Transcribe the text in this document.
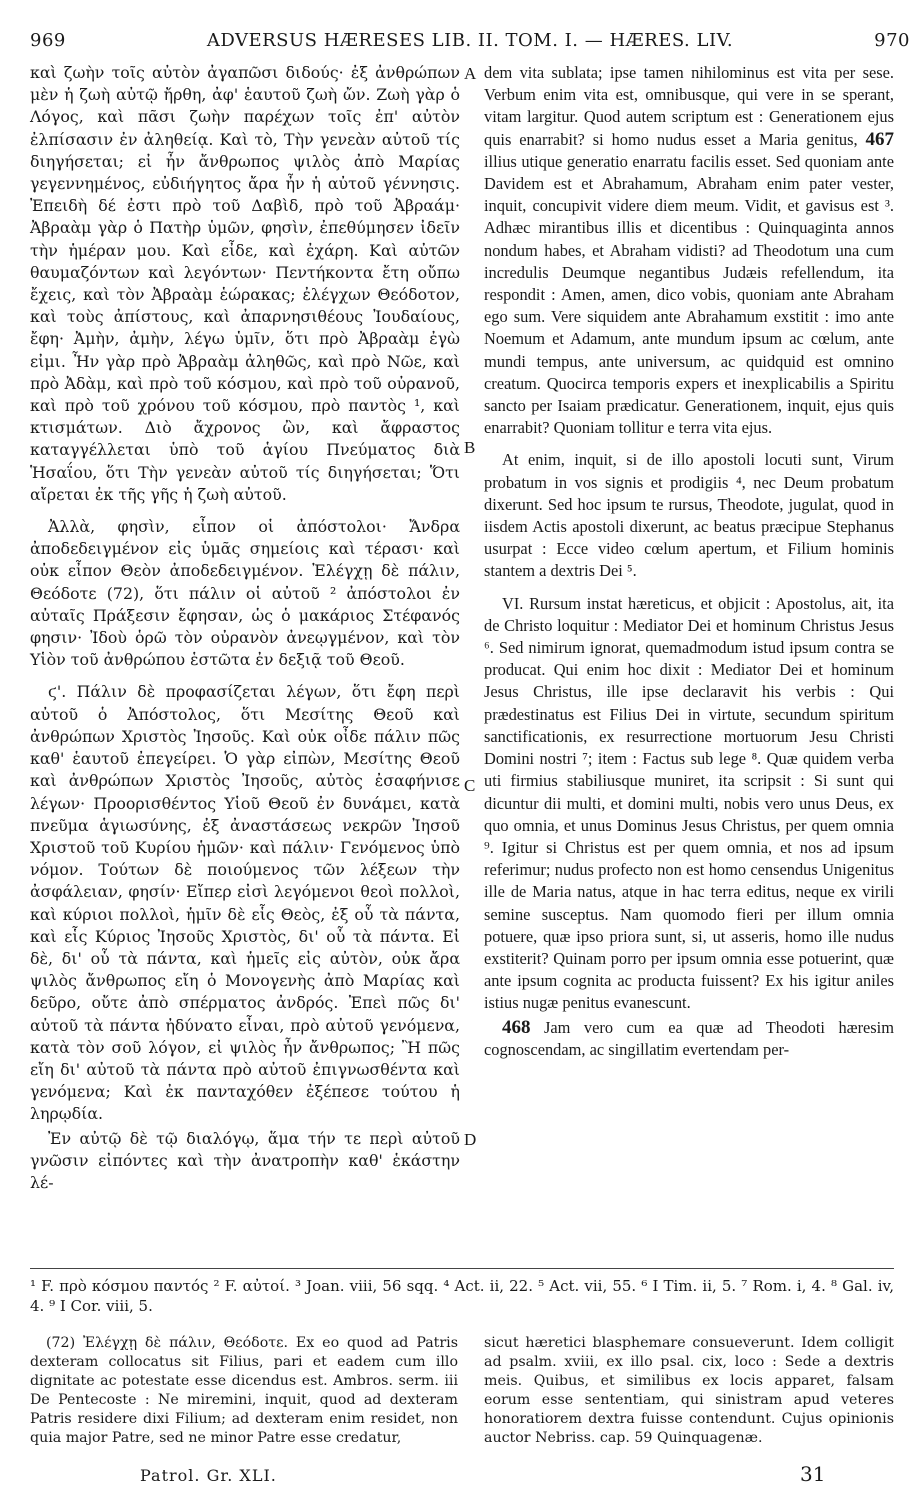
969	ADVERSUS HÆRESES LIB. II. TOM. I. — HÆRES. LIV.	970

καὶ ζωὴν τοῖς αὐτὸν ἀγαπῶσι διδούς· ἐξ ἀνθρώπων μὲν ἡ ζωὴ αὐτῷ ἤρθη, ἀφ' ἑαυτοῦ ζωὴ ὤν. Ζωὴ γὰρ ὁ Λόγος, καὶ πᾶσι ζωὴν παρέχων τοῖς ἐπ' αὐτὸν ἐλπίσασιν ἐν ἀληθείᾳ. Καὶ τὸ, Τὴν γενεὰν αὐτοῦ τίς διηγήσεται; εἰ ἦν ἄνθρωπος ψιλὸς ἀπὸ Μαρίας γεγεννημένος, εὐδιήγητος ἄρα ἦν ἡ αὐτοῦ γέννησις. Ἐπειδὴ δέ ἐστι πρὸ τοῦ Δαβὶδ, πρὸ τοῦ Ἀβραάμ· Ἀβραὰμ γὰρ ὁ Πατὴρ ὑμῶν, φησὶν, ἐπεθύμησεν ἰδεῖν τὴν ἡμέραν μου. Καὶ εἶδε, καὶ ἐχάρη. Καὶ αὐτῶν θαυμαζόντων καὶ λεγόντων· Πεντήκοντα ἔτη οὔπω ἔχεις, καὶ τὸν Ἀβραὰμ ἑώρακας; ἐλέγχων Θεόδοτον, καὶ τοὺς ἀπίστους, καὶ ἀπαρνησιθέους Ἰουδαίους, ἔφη· Ἀμὴν, ἀμὴν, λέγω ὑμῖν, ὅτι πρὸ Ἀβραὰμ ἐγὼ εἰμι. Ἦν γὰρ πρὸ Ἀβραὰμ ἀληθῶς, καὶ πρὸ Νῶε, καὶ πρὸ Ἀδὰμ, καὶ πρὸ τοῦ κόσμου, καὶ πρὸ τοῦ οὐρανοῦ, καὶ πρὸ τοῦ χρόνου τοῦ κόσμου, πρὸ παντὸς ¹, καὶ κτισμάτων. Διὸ ἄχρονος ὢν, καὶ ἄφραστος καταγγέλλεται ὑπὸ τοῦ ἁγίου Πνεύματος διὰ Ἡσαΐου, ὅτι Τὴν γενεὰν αὐτοῦ τίς διηγήσεται; Ὅτι αἴρεται ἐκ τῆς γῆς ἡ ζωὴ αὐτοῦ.

Ἀλλὰ, φησὶν, εἶπον οἱ ἀπόστολοι· Ἄνδρα ἀποδεδειγμένον εἰς ὑμᾶς σημείοις καὶ τέρασι· καὶ οὐκ εἶπον Θεὸν ἀποδεδειγμένον. Ἐλέγχῃ δὲ πάλιν, Θεόδοτε (72), ὅτι πάλιν οἱ αὐτοῦ ² ἀπόστολοι ἐν αὐταῖς Πράξεσιν ἔφησαν, ὡς ὁ μακάριος Στέφανός φησιν· Ἰδοὺ ὁρῶ τὸν οὐρανὸν ἀνεῳγμένον, καὶ τὸν Υἱὸν τοῦ ἀνθρώπου ἑστῶτα ἐν δεξιᾷ τοῦ Θεοῦ.

ϛ'. Πάλιν δὲ προφασίζεται λέγων, ὅτι ἔφη περὶ αὐτοῦ ὁ Ἀπόστολος, ὅτι Μεσίτης Θεοῦ καὶ ἀνθρώπων Χριστὸς Ἰησοῦς. Καὶ οὐκ οἶδε πάλιν πῶς καθ' ἑαυτοῦ ἐπεγείρει. Ὁ γὰρ εἰπὼν, Μεσίτης Θεοῦ καὶ ἀνθρώπων Χριστὸς Ἰησοῦς, αὐτὸς ἐσαφήνισε λέγων· Προορισθέντος Υἱοῦ Θεοῦ ἐν δυνάμει, κατὰ πνεῦμα ἁγιωσύνης, ἐξ ἀναστάσεως νεκρῶν Ἰησοῦ Χριστοῦ τοῦ Κυρίου ἡμῶν· καὶ πάλιν· Γενόμενος ὑπὸ νόμον. Τούτων δὲ ποιούμενος τῶν λέξεων τὴν ἀσφάλειαν, φησίν· Εἴπερ εἰσὶ λεγόμενοι θεοὶ πολλοὶ, καὶ κύριοι πολλοὶ, ἡμῖν δὲ εἷς Θεὸς, ἐξ οὗ τὰ πάντα, καὶ εἷς Κύριος Ἰησοῦς Χριστὸς, δι' οὗ τὰ πάντα. Εἰ δὲ, δι' οὗ τὰ πάντα, καὶ ἡμεῖς εἰς αὐτὸν, οὐκ ἄρα ψιλὸς ἄνθρωπος εἴη ὁ Μονογενὴς ἀπὸ Μαρίας καὶ δεῦρο, οὔτε ἀπὸ σπέρματος ἀνδρός. Ἐπεὶ πῶς δι' αὐτοῦ τὰ πάντα ἠδύνατο εἶναι, πρὸ αὐτοῦ γενόμενα, κατὰ τὸν σοῦ λόγον, εἰ ψιλὸς ἦν ἄνθρωπος; Ἢ πῶς εἴη δι' αὐτοῦ τὰ πάντα πρὸ αὐτοῦ ἐπιγνωσθέντα καὶ γενόμενα; Καὶ ἐκ πανταχόθεν ἐξέπεσε τούτου ἡ ληρῳδία.

Ἐν αὐτῷ δὲ τῷ διαλόγῳ, ἅμα τήν τε περὶ αὐτοῦ γνῶσιν εἰπόντες καὶ τὴν ἀνατροπὴν καθ' ἑκάστην λέ-

A
B
C
D

dem vita sublata; ipse tamen nihilominus est vita per sese. Verbum enim vita est, omnibusque, qui vere in se sperant, vitam largitur. Quod autem scriptum est : Generationem ejus quis enarrabit? si homo nudus esset a Maria genitus, 467 illius utique generatio enarratu facilis esset. Sed quoniam ante Davidem est et Abrahamum, Abraham enim pater vester, inquit, concupivit videre diem meum. Vidit, et gavisus est ³. Adhæc mirantibus illis et dicentibus : Quinquaginta annos nondum habes, et Abraham vidisti? ad Theodotum una cum incredulis Deumque negantibus Judæis refellendum, ita respondit : Amen, amen, dico vobis, quoniam ante Abraham ego sum. Vere siquidem ante Abrahamum exstitit : imo ante Noemum et Adamum, ante mundum ipsum ac cœlum, ante mundi tempus, ante universum, ac quidquid est omnino creatum. Quocirca temporis expers et inexplicabilis a Spiritu sancto per Isaiam prædicatur. Generationem, inquit, ejus quis enarrabit? Quoniam tollitur e terra vita ejus.

At enim, inquit, si de illo apostoli locuti sunt, Virum probatum in vos signis et prodigiis ⁴, nec Deum probatum dixerunt. Sed hoc ipsum te rursus, Theodote, jugulat, quod in iisdem Actis apostoli dixerunt, ac beatus præcipue Stephanus usurpat : Ecce video cœlum apertum, et Filium hominis stantem a dextris Dei ⁵.

VI. Rursum instat hæreticus, et objicit : Apostolus, ait, ita de Christo loquitur : Mediator Dei et hominum Christus Jesus ⁶. Sed nimirum ignorat, quemadmodum istud ipsum contra se producat. Qui enim hoc dixit : Mediator Dei et hominum Jesus Christus, ille ipse declaravit his verbis : Qui prædestinatus est Filius Dei in virtute, secundum spiritum sanctificationis, ex resurrectione mortuorum Jesu Christi Domini nostri ⁷; item : Factus sub lege ⁸. Quæ quidem verba uti firmius stabiliusque muniret, ita scripsit : Si sunt qui dicuntur dii multi, et domini multi, nobis vero unus Deus, ex quo omnia, et unus Dominus Jesus Christus, per quem omnia ⁹. Igitur si Christus est per quem omnia, et nos ad ipsum referimur; nudus profecto non est homo censendus Unigenitus ille de Maria natus, atque in hac terra editus, neque ex virili semine susceptus. Nam quomodo fieri per illum omnia potuere, quæ ipso priora sunt, si, ut asseris, homo ille nudus exstiterit? Quinam porro per ipsum omnia esse potuerint, quæ ante ipsum cognita ac producta fuissent? Ex his igitur aniles istius nugæ penitus evanescunt.

468 Jam vero cum ea quæ ad Theodoti hæresim cognoscendam, ac singillatim evertendam per-

¹ F. πρὸ κόσμου παντός ² F. αὐτοί. ³ Joan. viii, 56 sqq. ⁴ Act. ii, 22. ⁵ Act. vii, 55. ⁶ I Tim. ii, 5. ⁷ Rom. i, 4. ⁸ Gal. iv, 4. ⁹ I Cor. viii, 5.

(72) Ἐλέγχῃ δὲ πάλιν, Θεόδοτε. Ex eo quod ad Patris dexteram collocatus sit Filius, pari et eadem cum illo dignitate ac potestate esse dicendus est. Ambros. serm. iii De Pentecoste : Ne miremini, inquit, quod ad dexteram Patris residere dixi Filium; ad dexteram enim residet, non quia major Patre, sed ne minor Patre esse credatur,

sicut hæretici blasphemare consueverunt. Idem colligit ad psalm. xviii, ex illo psal. cix, loco : Sede a dextris meis. Quibus, et similibus ex locis apparet, falsam eorum esse sententiam, qui sinistram apud veteres honoratiorem dextra fuisse contendunt. Cujus opinionis auctor Nebriss. cap. 59 Quinquagenæ.

Patrol. Gr. XLI.	31
